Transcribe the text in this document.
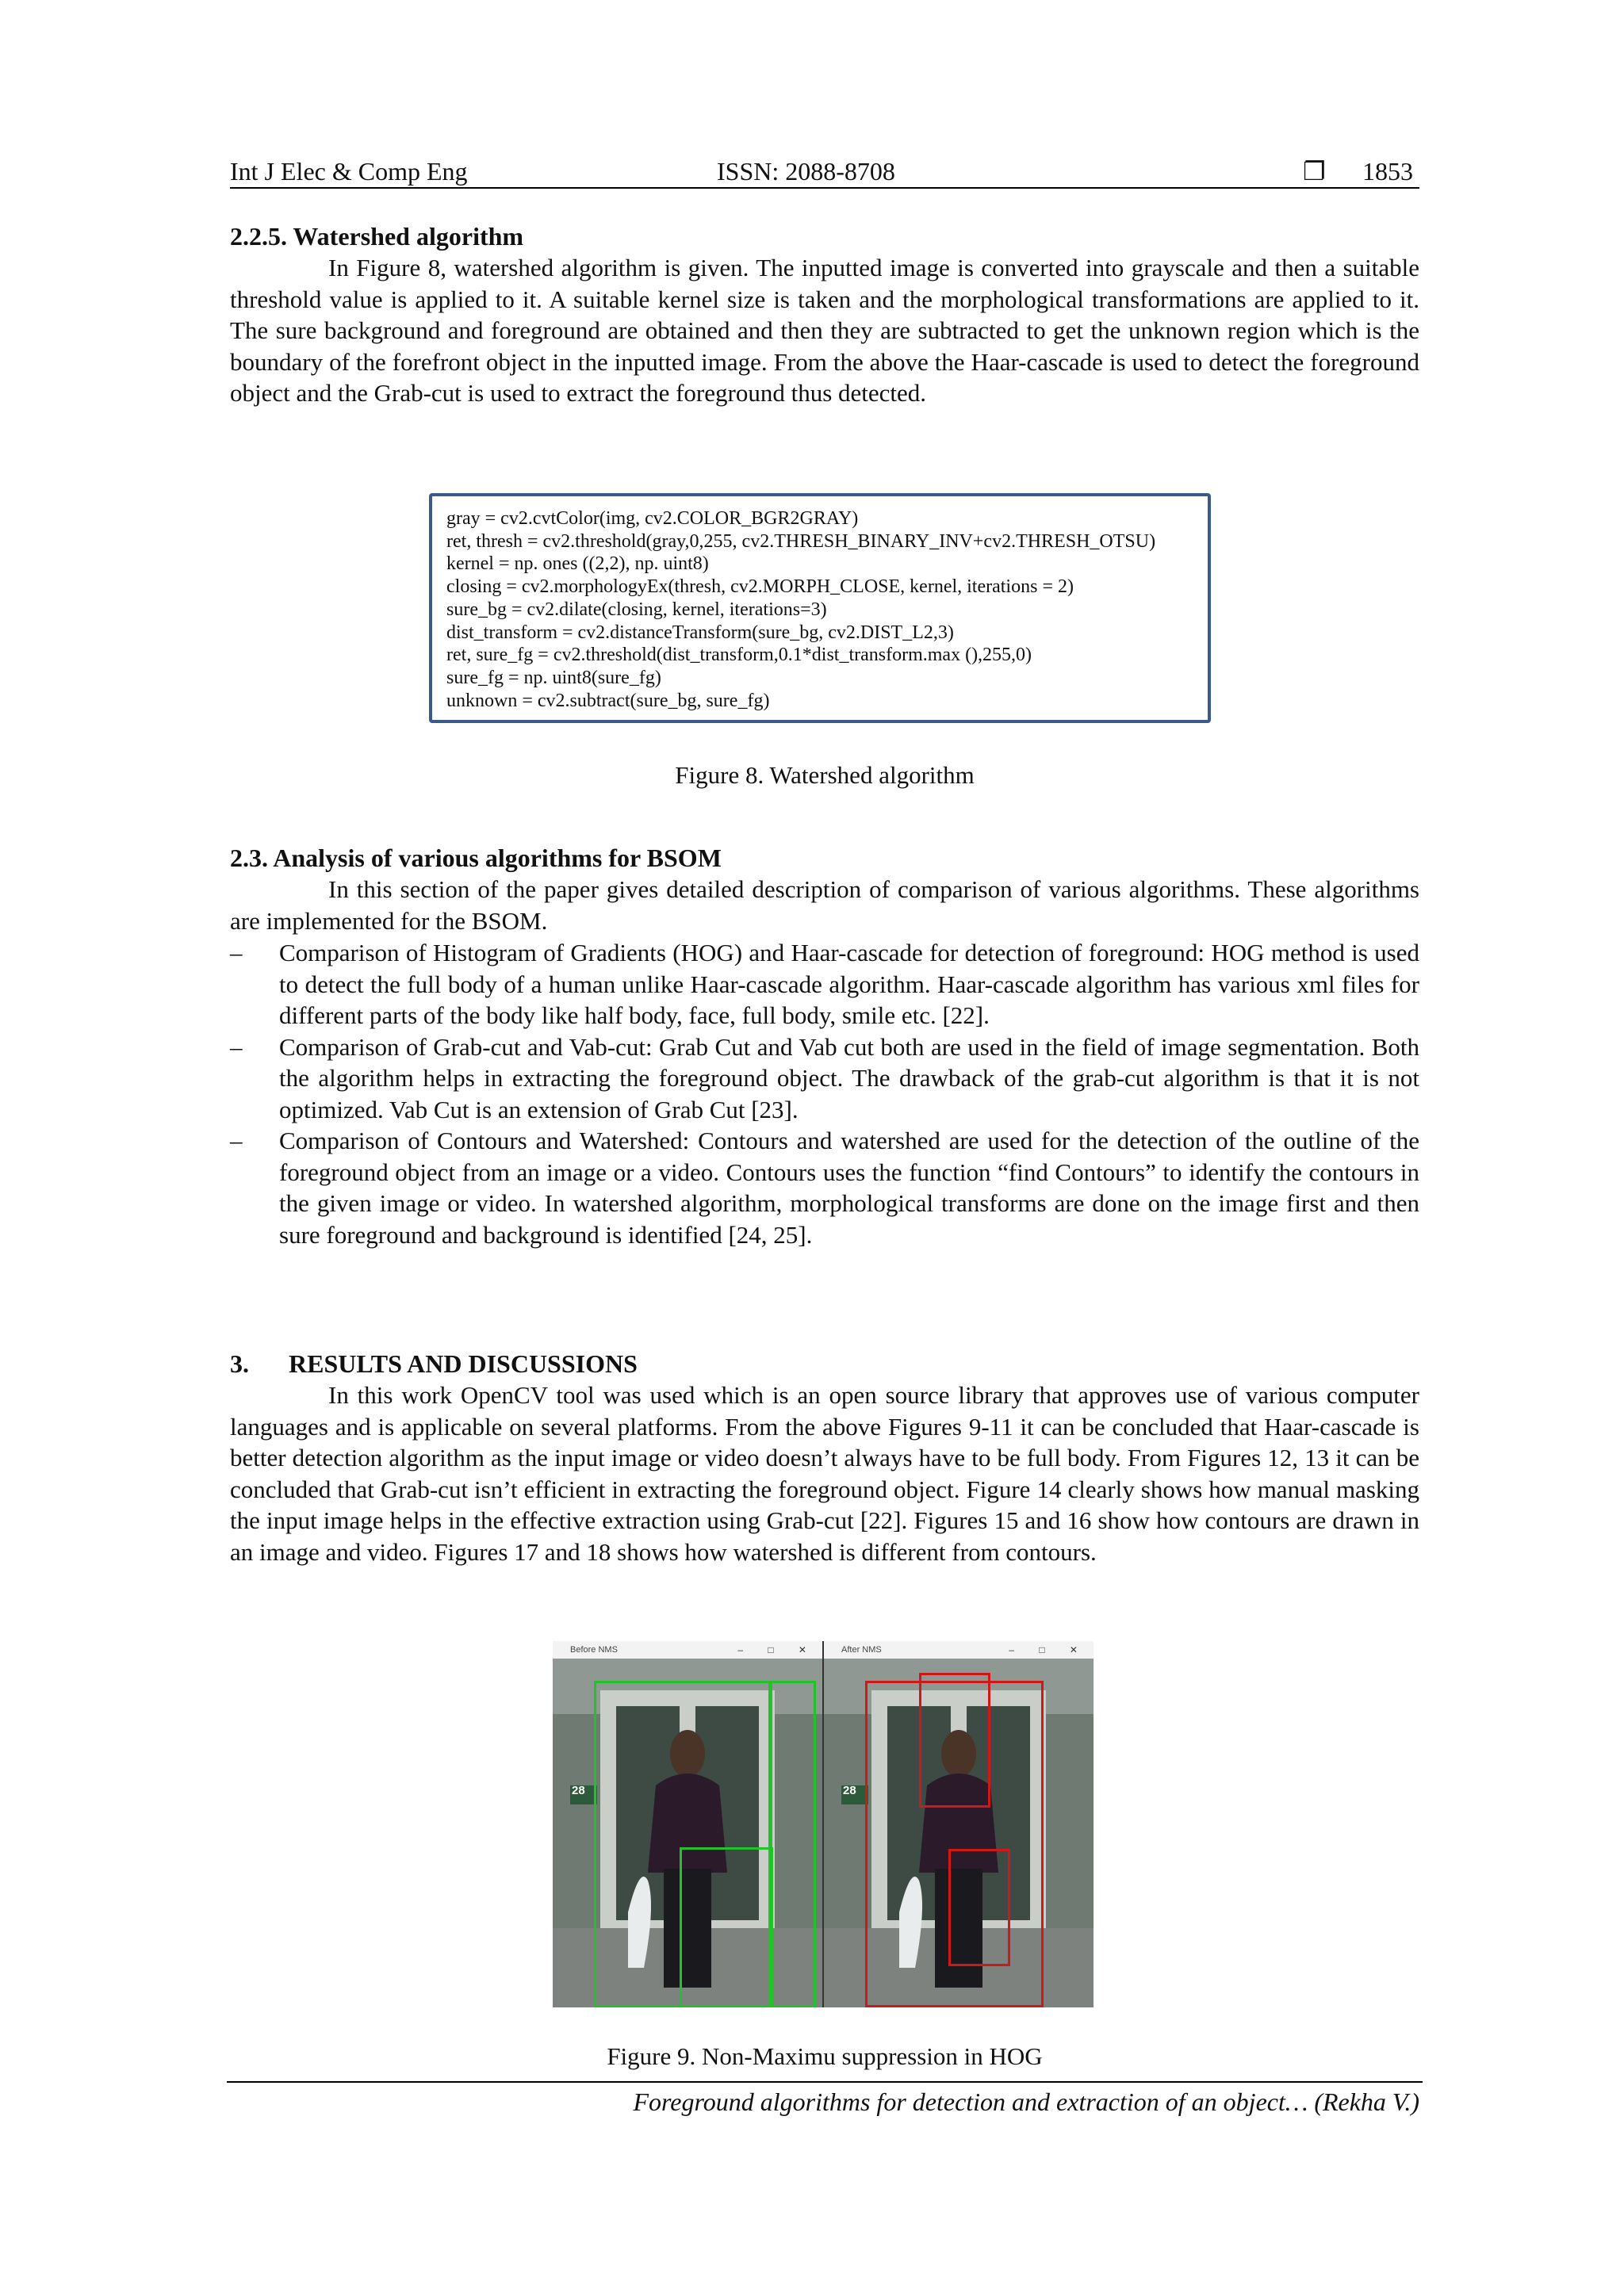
Int J Elec & Comp Eng	ISSN: 2088-8708	❐ 1853
2.2.5. Watershed algorithm
In Figure 8, watershed algorithm is given. The inputted image is converted into grayscale and then a suitable threshold value is applied to it. A suitable kernel size is taken and the morphological transformations are applied to it. The sure background and foreground are obtained and then they are subtracted to get the unknown region which is the boundary of the forefront object in the inputted image. From the above the Haar-cascade is used to detect the foreground object and the Grab-cut is used to extract the foreground thus detected.
gray = cv2.cvtColor(img, cv2.COLOR_BGR2GRAY)
ret, thresh = cv2.threshold(gray,0,255, cv2.THRESH_BINARY_INV+cv2.THRESH_OTSU)
kernel = np. ones ((2,2), np. uint8)
closing = cv2.morphologyEx(thresh, cv2.MORPH_CLOSE, kernel, iterations = 2)
sure_bg = cv2.dilate(closing, kernel, iterations=3)
dist_transform = cv2.distanceTransform(sure_bg, cv2.DIST_L2,3)
ret, sure_fg = cv2.threshold(dist_transform,0.1*dist_transform.max (),255,0)
sure_fg = np. uint8(sure_fg)
unknown = cv2.subtract(sure_bg, sure_fg)
Figure 8. Watershed algorithm
2.3. Analysis of various algorithms for BSOM
In this section of the paper gives detailed description of comparison of various algorithms. These algorithms are implemented for the BSOM.
– Comparison of Histogram of Gradients (HOG) and Haar-cascade for detection of foreground: HOG method is used to detect the full body of a human unlike Haar-cascade algorithm. Haar-cascade algorithm has various xml files for different parts of the body like half body, face, full body, smile etc. [22].
– Comparison of Grab-cut and Vab-cut: Grab Cut and Vab cut both are used in the field of image segmentation. Both the algorithm helps in extracting the foreground object. The drawback of the grab-cut algorithm is that it is not optimized. Vab Cut is an extension of Grab Cut [23].
– Comparison of Contours and Watershed: Contours and watershed are used for the detection of the outline of the foreground object from an image or a video. Contours uses the function “find Contours” to identify the contours in the given image or video. In watershed algorithm, morphological transforms are done on the image first and then sure foreground and background is identified [24, 25].
3. RESULTS AND DISCUSSIONS
In this work OpenCV tool was used which is an open source library that approves use of various computer languages and is applicable on several platforms. From the above Figures 9-11 it can be concluded that Haar-cascade is better detection algorithm as the input image or video doesn’t always have to be full body. From Figures 12, 13 it can be concluded that Grab-cut isn’t efficient in extracting the foreground object. Figure 14 clearly shows how manual masking the input image helps in the effective extraction using Grab-cut [22]. Figures 15 and 16 show how contours are drawn in an image and video. Figures 17 and 18 shows how watershed is different from contours.
28
Before NMS	– □ ✕
28
After NMS	– □ ✕
Figure 9. Non-Maximu suppression in HOG
Foreground algorithms for detection and extraction of an object… (Rekha V.)
